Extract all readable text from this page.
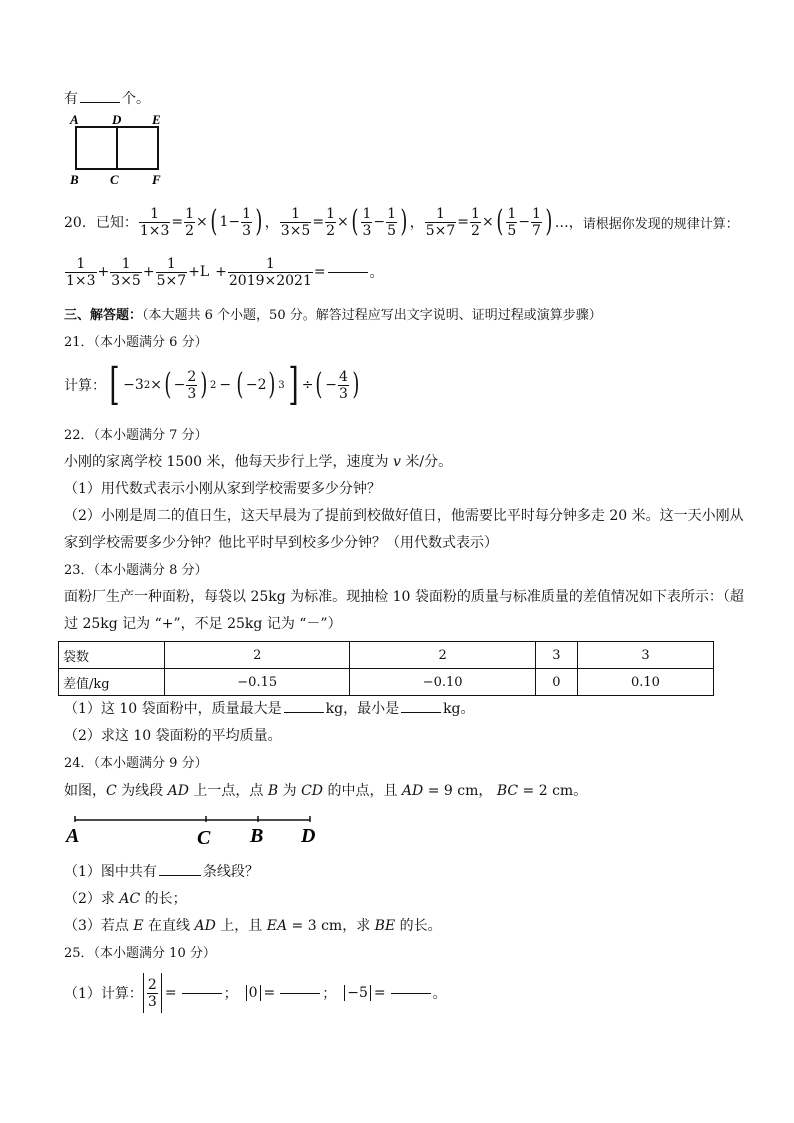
有	个。
A	D E
B C	F
20．已知： $\frac{1}{1\times 3} = \frac{1}{2}$ × ( $1 - \frac{1}{3}$ ) ， $\frac{1}{3\times 5} = \frac{1}{2}$ × ( $\frac{1}{3} - \frac{1}{5}$ ) ， $\frac{1}{5\times 7} = \frac{1}{2}$ × ( $\frac{1}{5} - \frac{1}{7}$ ) …， 请根据你发现的规律计算：
$\frac{1}{1\times 3} + \frac{1}{3\times 5} + \frac{1}{5\times 7} + L + \frac{1}{2019\times 2021}$ =	。
三、解答题：（本大题共 6 个小题，50 分。解答过程应写出文字说明、证明过程或演算步骤）
21．（本小题满分 6 分）
计算： [ −3 2 × ( − $\frac{2}{3}$ ) 2 − ( −2 ) 3 ] ÷ ( − $\frac{4}{3}$ )
22．（本小题满分 7 分）
小刚的家离学校 1500 米，他每天步行上学，速度为 v 米/分。
（1）用代数式表示小刚从家到学校需要多少分钟？
（2）小刚是周二的值日生，这天早晨为了提前到校做好值日，他需要比平时每分钟多走 20 米。这一天小刚从
家到学校需要多少分钟？他比平时早到校多少分钟？（用代数式表示）
23．（本小题满分 8 分）
面粉厂生产一种面粉，每袋以 25kg 为标准。现抽检 10 袋面粉的质量与标准质量的差值情况如下表所示：（超
过 25kg 记为 “+”，不足 25kg 记为 “－”）
袋数	2	2	3	3
差值/kg	−0.15	−0.10	0	0.10
（1）这 10 袋面粉中，质量最大是	kg，最小是	kg。
（2）求这 10 袋面粉的平均质量。
24．（本小题满分 9 分）
如图，C 为线段 AD 上一点，点 B 为 CD 的中点，且 AD = 9 cm， BC = 2 cm。
A	C B D
（1）图中共有	条线段？
（2）求 AC 的长；
（3）若点 E 在直线 AD 上，且 EA = 3 cm，求 BE 的长。
25．（本小题满分 10 分）
（1）计算： $\frac{2}{3}$ =	； 0 =	； −5 =	。
